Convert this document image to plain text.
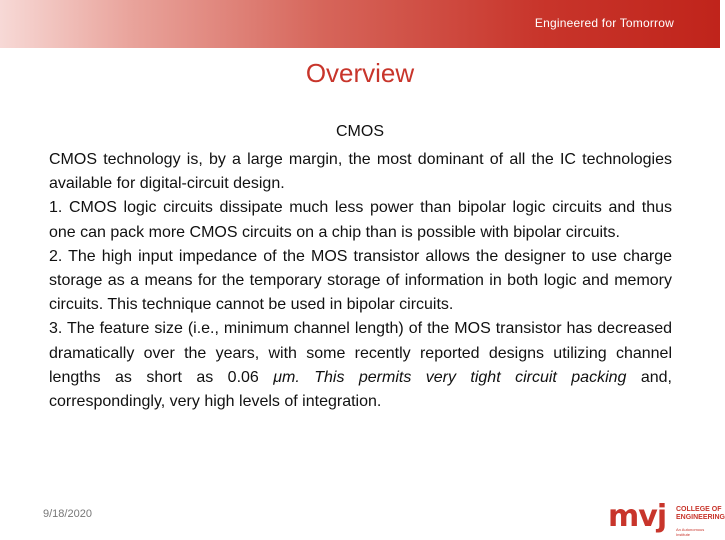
Engineered for Tomorrow
Overview
CMOS

CMOS technology is, by a large margin, the most dominant of all the IC technologies available for digital-circuit design.

1. CMOS logic circuits dissipate much less power than bipolar logic circuits and thus one can pack more CMOS circuits on a chip than is possible with bipolar circuits.

2. The high input impedance of the MOS transistor allows the designer to use charge storage as a means for the temporary storage of information in both logic and memory circuits. This technique cannot be used in bipolar circuits.

3. The feature size (i.e., minimum channel length) of the MOS transistor has decreased dramatically over the years, with some recently reported designs utilizing channel lengths as short as 0.06 μm. This permits very tight circuit packing and, correspondingly, very high levels of integration.

9/18/2020	mvj COLLEGE OF
ENGINEERING
An Autonomous Institute
